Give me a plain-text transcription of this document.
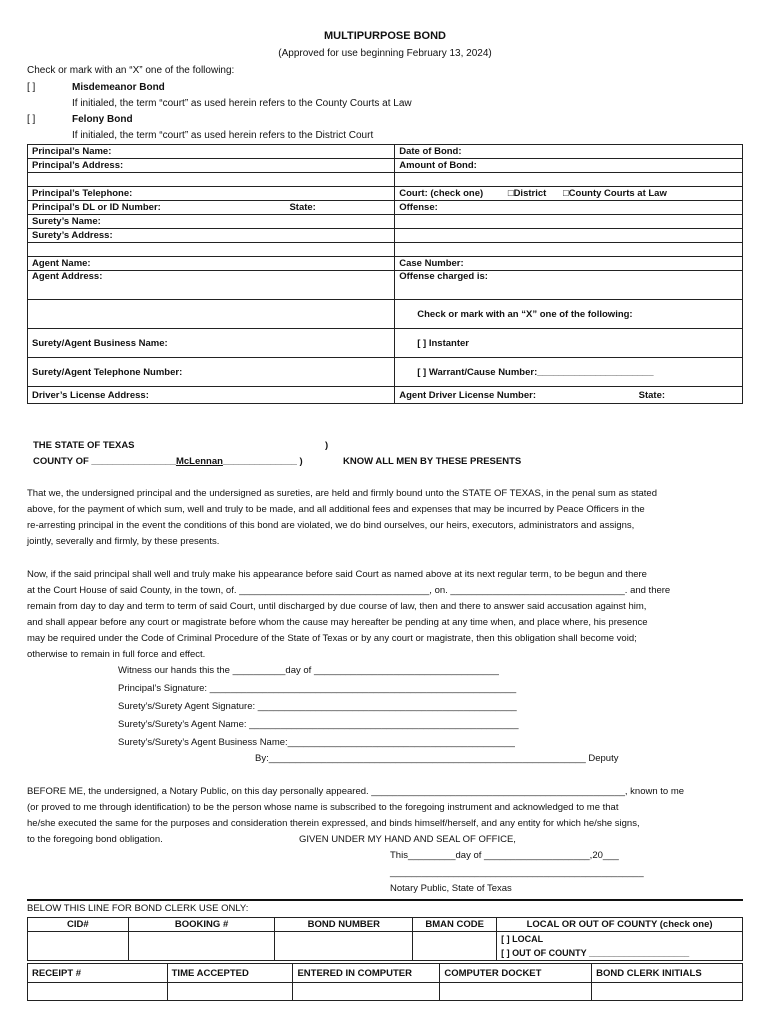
MULTIPURPOSE BOND
(Approved for use beginning February 13, 2024)
Check or mark with an “X” one of the following:
[ ]	Misdemeanor Bond
If initialed, the term “court” as used herein refers to the County Courts at Law
[ ]	Felony Bond
If initialed, the term “court” as used herein refers to the District Court
Principal’s Name:	Date of Bond:
Principal’s Address:	Amount of Bond:

Principal’s Telephone:	Court: (check one) □District □County Courts at Law
Principal’s DL or ID Number: State:	Offense:
Surety’s Name:	
Surety’s Address:	

Agent Name:	Case Number:
Agent Address:	Offense charged is:
	Check or mark with an “X” one of the following:
Surety/Agent Business Name:	[ ] Instanter
Surety/Agent Telephone Number:	[ ] Warrant/Cause Number:______________________
Driver’s License Address:	Agent Driver License Number: State:
THE STATE OF TEXAS	)
COUNTY OF ________________McLennan______________ )	KNOW ALL MEN BY THESE PRESENTS
That we, the undersigned principal and the undersigned as sureties, are held and firmly bound unto the STATE OF TEXAS, in the penal sum as stated
above, for the payment of which sum, well and truly to be made, and all additional fees and expenses that may be incurred by Peace Officers in the
re-arresting principal in the event the conditions of this bond are violated, we do bind ourselves, our heirs, executors, administrators and assigns,
jointly, severally and firmly, by these presents.
Now, if the said principal shall well and truly make his appearance before said Court as named above at its next regular term, to be begun and there
at the Court House of said County, in the town, of. ____________________________________, on. _________________________________. and there
remain from day to day and term to term of said Court, until discharged by due course of law, then and there to answer said accusation against him,
and shall appear before any court or magistrate before whom the cause may hereafter be pending at any time when, and place where, his presence
may be required under the Code of Criminal Procedure of the State of Texas or by any court or magistrate, then this obligation shall become void;
otherwise to remain in full force and effect.
Witness our hands this the __________day of ___________________________________
Principal’s Signature: __________________________________________________________
Surety’s/Surety Agent Signature: _________________________________________________
Surety’s/Surety’s Agent Name: ___________________________________________________
Surety’s/Surety’s Agent Business Name:___________________________________________
By:____________________________________________________________ Deputy
BEFORE ME, the undersigned, a Notary Public, on this day personally appeared. ________________________________________________, known to me
(or proved to me through identification) to be the person whose name is subscribed to the foregoing instrument and acknowledged to me that
he/she executed the same for the purposes and consideration therein expressed, and binds himself/herself, and any entity for which he/she signs,
to the foregoing bond obligation.	GIVEN UNDER MY HAND AND SEAL OF OFFICE,
This_________day of ____________________,20___
________________________________________________
Notary Public, State of Texas
BELOW THIS LINE FOR BOND CLERK USE ONLY:
CID#	BOOKING #	BOND NUMBER	BMAN CODE	LOCAL OR OUT OF COUNTY (check one)

				[ ] LOCAL
[ ] OUT OF COUNTY ____________________
RECEIPT #	TIME ACCEPTED	ENTERED IN COMPUTER	COMPUTER DOCKET	BOND CLERK INITIALS
